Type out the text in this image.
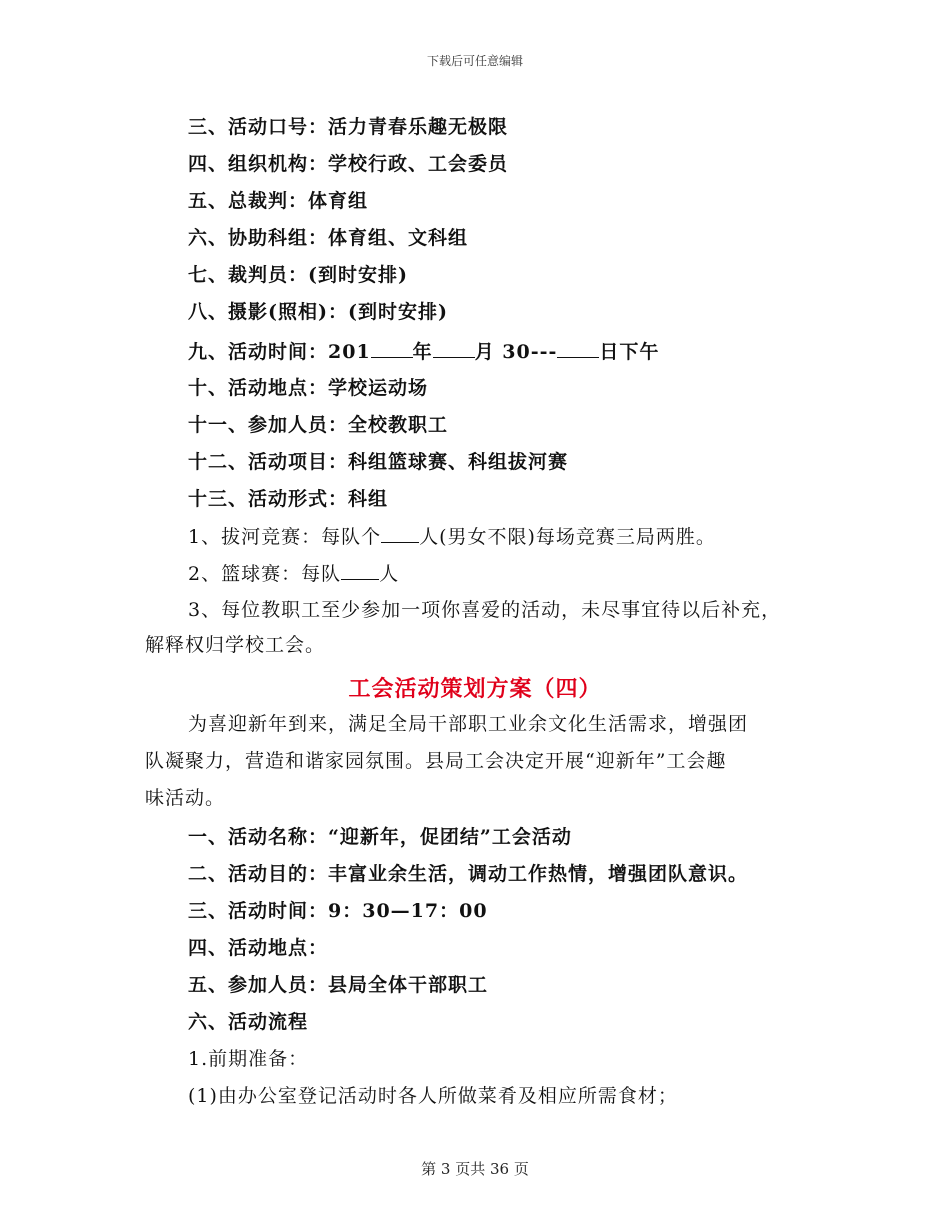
下载后可任意编辑
三、活动口号：活力青春乐趣无极限
四、组织机构：学校行政、工会委员
五、总裁判：体育组
六、协助科组：体育组、文科组
七、裁判员：(到时安排)
八、摄影(照相)：(到时安排)
九、活动时间：201 年 月 30--- 日下午
十、活动地点：学校运动场
十一、参加人员：全校教职工
十二、活动项目：科组篮球赛、科组拔河赛
十三、活动形式：科组
1、拔河竞赛：每队个 人(男女不限)每场竞赛三局两胜。
2、篮球赛：每队 人
3、每位教职工至少参加一项你喜爱的活动，未尽事宜待以后补充，
解释权归学校工会。
工会活动策划方案（四）
为喜迎新年到来，满足全局干部职工业余文化生活需求，增强团
队凝聚力，营造和谐家园氛围。县局工会决定开展“迎新年”工会趣
味活动。
一、活动名称：“迎新年，促团结”工会活动
二、活动目的：丰富业余生活，调动工作热情，增强团队意识。
三、活动时间：9：30—17：00
四、活动地点：
五、参加人员：县局全体干部职工
六、活动流程
1.前期准备：
(1)由办公室登记活动时各人所做菜肴及相应所需食材；
第 3 页共 36 页
